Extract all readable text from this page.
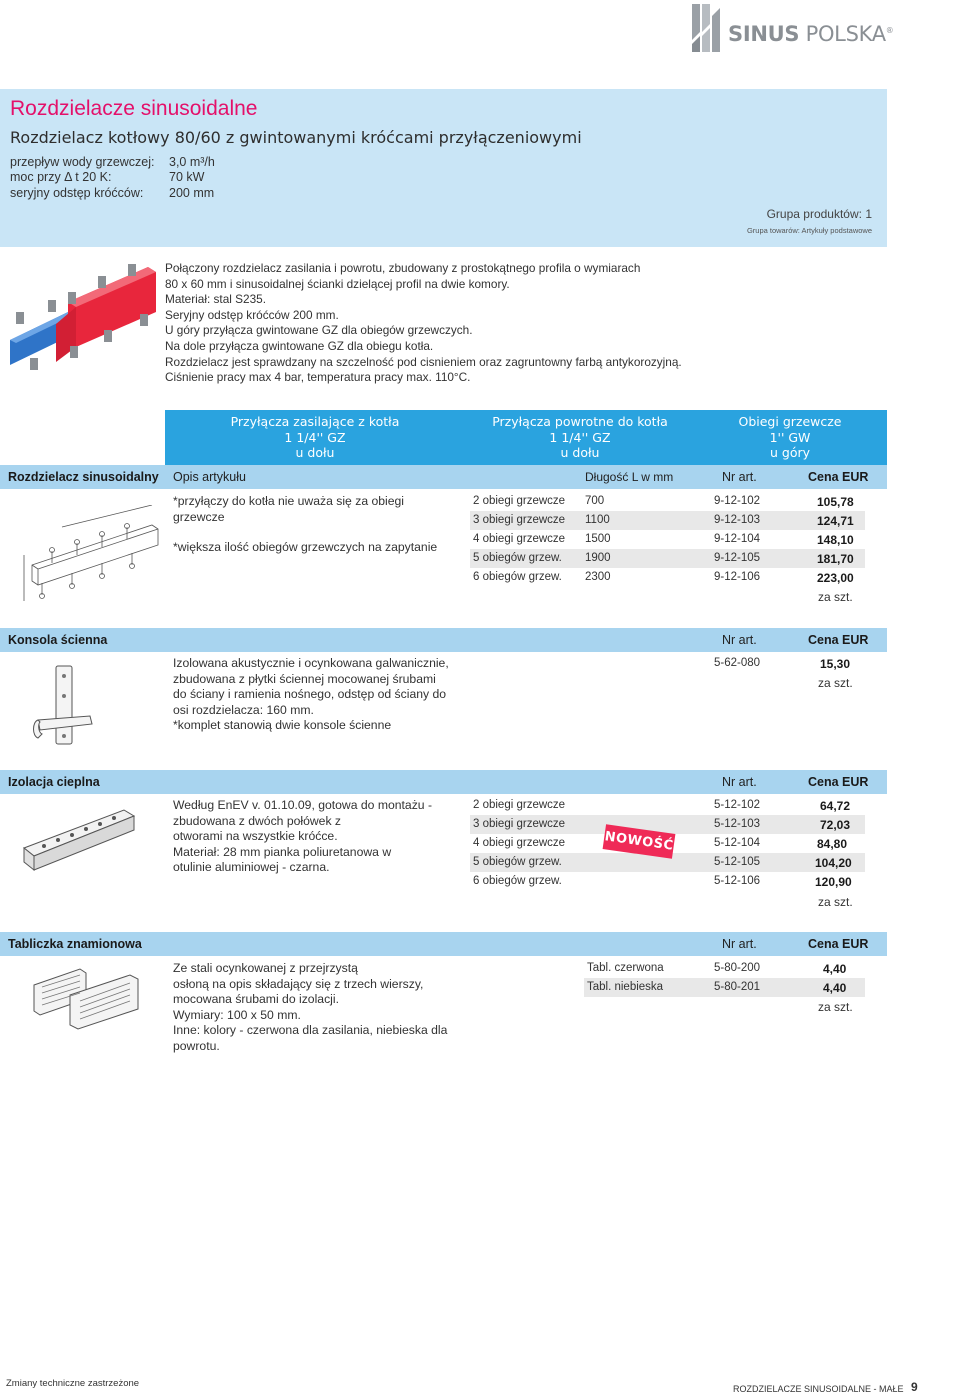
SINUS POLSKA®
Rozdzielacze sinusoidalne
Rozdzielacz kotłowy 80/60 z gwintowanymi króćcami przyłączeniowymi
przepływ wody grzewczej: 3,0 m³/h
moc przy Δ t 20 K:	70 kW
seryjny odstęp króćców: 200 mm
Grupa produktów: 1
Grupa towarów: Artykuły podstawowe
Połączony rozdzielacz zasilania i powrotu, zbudowany z prostokątnego profila o wymiarach
80 x 60 mm i sinusoidalnej ścianki dzielącej profil na dwie komory.
Materiał: stal S235.
Seryjny odstęp króćców 200 mm.
U góry przyłącza gwintowane GZ dla obiegów grzewczych.
Na dole przyłącza gwintowane GZ dla obiegu kotła.
Rozdzielacz jest sprawdzany na szczelność pod cisnieniem oraz zagruntowny farbą antykorozyjną.
Ciśnienie pracy max 4 bar, temperatura pracy max. 110°C.
Przyłącza zasilające z kotła
1 1/4'' GZ
u dołu
Przyłącza powrotne do kotła
1 1/4'' GZ
u dołu
Obiegi grzewcze
1'' GW
u góry
Rozdzielacz sinusoidalny Opis artykułu	Długość L w mm	Nr art.	Cena EUR
*przyłączy do kotła nie uważa się za obiegi
grzewcze
*większa ilość obiegów grzewczych na zapytanie
2 obiegi grzewcze 700	9-12-102	105,78
3 obiegi grzewcze 1100	9-12-103	124,71
4 obiegi grzewcze 1500	9-12-104	148,10
5 obiegów grzew. 1900	9-12-105	181,70
6 obiegów grzew. 2300	9-12-106	223,00
za szt.
Konsola ścienna	Nr art.	Cena EUR
Izolowana akustycznie i ocynkowana galwanicznie,
zbudowana z płytki ściennej mocowanej śrubami
do ściany i ramienia nośnego, odstęp od ściany do
osi rozdzielacza: 160 mm.
*komplet stanowią dwie konsole ścienne
5-62-080	15,30
za szt.
Izolacja cieplna	Nr art.	Cena EUR
Według EnEV v. 01.10.09, gotowa do montażu -
zbudowana z dwóch połówek z
otworami na wszystkie króćce.
Materiał: 28 mm pianka poliuretanowa w
otulinie aluminiowej - czarna.
2 obiegi grzewcze	5-12-102	64,72
3 obiegi grzewcze	5-12-103	72,03
4 obiegi grzewcze	5-12-104	84,80
5 obiegów grzew.	5-12-105	104,20
6 obiegów grzew.	5-12-106	120,90
NOWOŚĆ
za szt.
Tabliczka znamionowa	Nr art.	Cena EUR
Ze stali ocynkowanej z przejrzystą
osłoną na opis składający się z trzech wierszy,
mocowana śrubami do izolacji.
Wymiary: 100 x 50 mm.
Inne: kolory - czerwona dla zasilania, niebieska dla
powrotu.
Tabl. czerwona	5-80-200	4,40
Tabl. niebieska	5-80-201	4,40
za szt.
Zmiany techniczne zastrzeżone	ROZDZIELACZE SINUSOIDALNE - MAŁE 9
